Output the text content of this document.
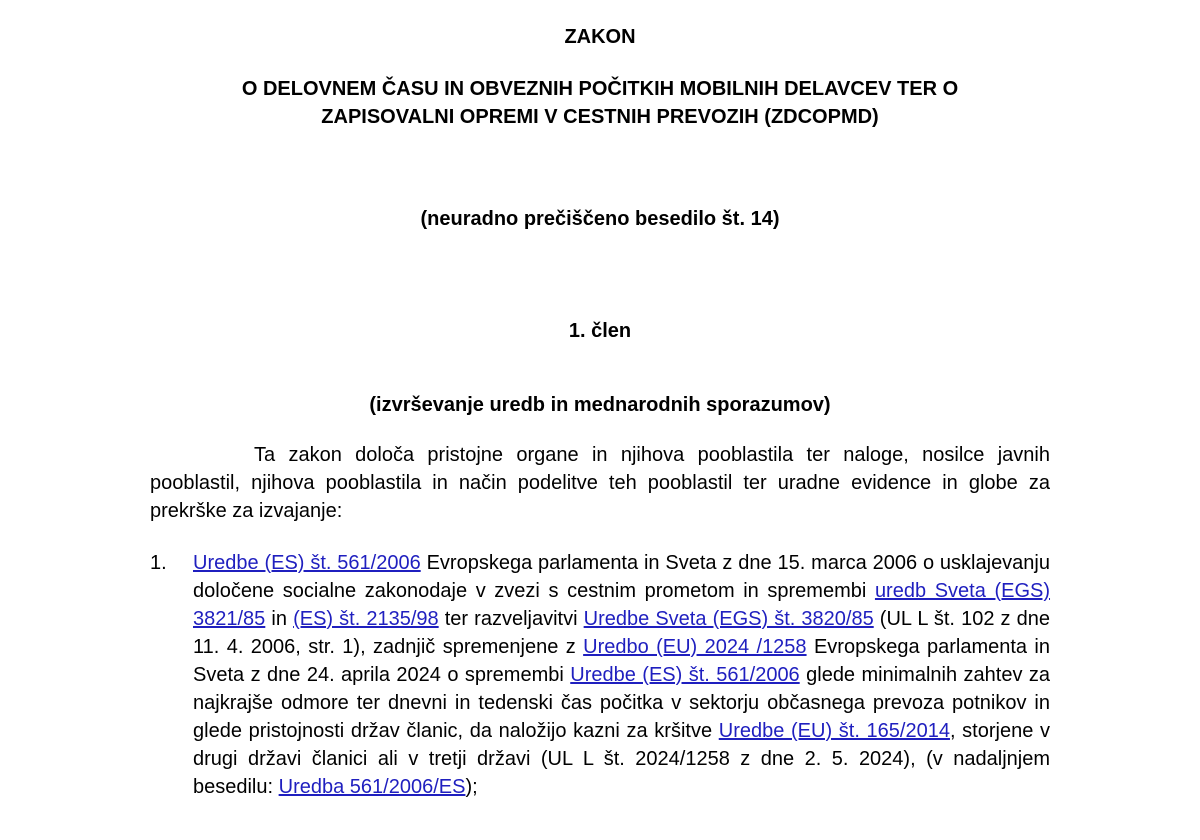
ZAKON

O DELOVNEM ČASU IN OBVEZNIH POČITKIH MOBILNIH DELAVCEV TER O
ZAPISOVALNI OPREMI V CESTNIH PREVOZIH (ZDCOPMD)

(neuradno prečiščeno besedilo št. 14)

1. člen

(izvrševanje uredb in mednarodnih sporazumov)

Ta zakon določa pristojne organe in njihova pooblastila ter naloge, nosilce javnih pooblastil, njihova pooblastila in način podelitve teh pooblastil ter uradne evidence in globe za prekrške za izvajanje:

1. Uredbe (ES) št. 561/2006 Evropskega parlamenta in Sveta z dne 15. marca 2006 o usklajevanju določene socialne zakonodaje v zvezi s cestnim prometom in spremembi uredb Sveta (EGS) 3821/85 in (ES) št. 2135/98 ter razveljavitvi Uredbe Sveta (EGS) št. 3820/85 (UL L št. 102 z dne 11. 4. 2006, str. 1), zadnjič spremenjene z Uredbo (EU) 2024 /1258 Evropskega parlamenta in Sveta z dne 24. aprila 2024 o spremembi Uredbe (ES) št. 561/2006 glede minimalnih zahtev za najkrajše odmore ter dnevni in tedenski čas počitka v sektorju občasnega prevoza potnikov in glede pristojnosti držav članic, da naložijo kazni za kršitve Uredbe (EU) št. 165/2014, storjene v drugi državi članici ali v tretji državi (UL L št. 2024/1258 z dne 2. 5. 2024), (v nadaljnjem besedilu: Uredba 561/2006/ES);
